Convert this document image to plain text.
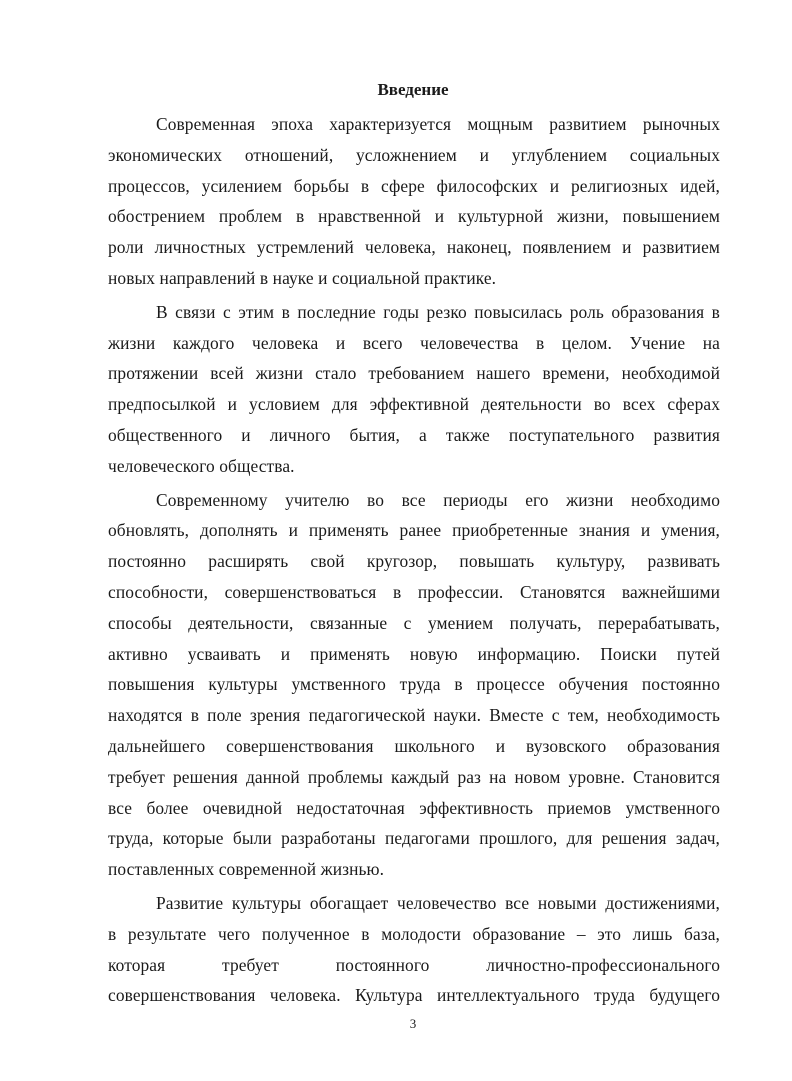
Введение
Современная эпоха характеризуется мощным развитием рыночных
экономических отношений, усложнением и углублением социальных
процессов, усилением борьбы в сфере философских и религиозных идей,
обострением проблем в нравственной и культурной жизни, повышением
роли личностных устремлений человека, наконец, появлением и развитием
новых направлений в науке и социальной практике.
В связи с этим в последние годы резко повысилась роль образования в
жизни каждого человека и всего человечества в целом. Учение на
протяжении всей жизни стало требованием нашего времени, необходимой
предпосылкой и условием для эффективной деятельности во всех сферах
общественного и личного бытия, а также поступательного развития
человеческого общества.
Современному учителю во все периоды его жизни необходимо
обновлять, дополнять и применять ранее приобретенные знания и умения,
постоянно расширять свой кругозор, повышать культуру, развивать
способности, совершенствоваться в профессии. Становятся важнейшими
способы деятельности, связанные с умением получать, перерабатывать,
активно усваивать и применять новую информацию. Поиски путей
повышения культуры умственного труда в процессе обучения постоянно
находятся в поле зрения педагогической науки. Вместе с тем, необходимость
дальнейшего совершенствования школьного и вузовского образования
требует решения данной проблемы каждый раз на новом уровне. Становится
все более очевидной недостаточная эффективность приемов умственного
труда, которые были разработаны педагогами прошлого, для решения задач,
поставленных современной жизнью.
Развитие культуры обогащает человечество все новыми достижениями,
в результате чего полученное в молодости образование – это лишь база,
которая требует постоянного личностно-профессионального
совершенствования человека. Культура интеллектуального труда будущего
3
